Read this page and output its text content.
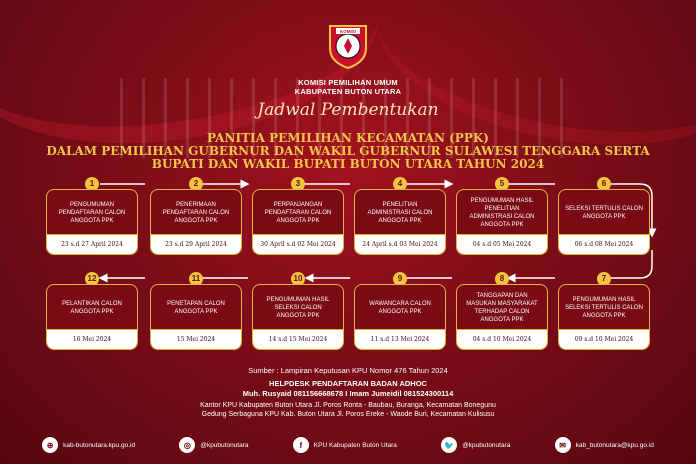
KOMISI
KOMISI PEMILIHAN UMUM
KABUPATEN BUTON UTARA
Jadwal Pembentukan
PANITIA PEMILIHAN KECAMATAN (PPK)
DALAM PEMILIHAN GUBERNUR DAN WAKIL GUBERNUR SULAWESI TENGGARA SERTA
BUPATI DAN WAKIL BUPATI BUTON UTARA TAHUN 2024
1
PENGUMUMAN PENDAFTARAN CALON ANGGOTA PPK
23 s.d 27 April 2024
2
PENERIMAAN PENDAFTARAN CALON ANGGOTA PPK
23 s.d 29 April 2024
3
PERPANJANGAN PENDAFTARAN CALON ANGGOTA PPK
30 April s.d 02 Mei 2024
4
PENELITIAN ADMINISTRASI CALON ANGGOTA PPK
24 April s.d 03 Mei 2024
5
PENGUMUMAN HASIL PENELITIAN ADMINISTRASI CALON ANGGOTA PPK
04 s.d 05 Mei 2024
6
SELEKSI TERTULIS CALON ANGGOTA PPK
06 s.d 08 Mei 2024
12
PELANTIKAN CALON ANGGOTA PPK
16 Mei 2024
11
PENETAPAN CALON ANGGOTA PPK
15 Mei 2024
10
PENGUMUMAN HASIL SELEKSI CALON ANGGOTA PPK
14 s.d 15 Mei 2024
9
WAWANCARA CALON ANGGOTA PPK
11 s.d 13 Mei 2024
8
TANGGAPAN DAN MASUKAN MASYARAKAT TERHADAP CALON ANGGOTA PPK
04 s.d 10 Mei 2024
7
PENGUMUMAN HASIL SELEKSI TERTULIS CALON ANGGOTA PPK
09 s.d 10 Mei 2024
Sumber : Lampiran Keputusan KPU Nomor 476 Tahun 2024
HELPDESK PENDAFTARAN BADAN ADHOC
Muh. Rusyaid 081156668678 I Imam Jumeidil 081524300114
Kantor KPU Kabupaten Buton Utara Jl. Poros Ronta - Baubau, Buranga, Kecamatan Bonegunu
Gedung Serbaguna KPU Kab. Buton Utara Jl. Poros Ereke - Waode Buri, Kecamatan Kulisusu
⊕	kab-butonutara.kpu.go.id	◎	@kpubutonutara	f	KPU Kabupaten Buton Utara	🐦	@kpubutonutara	✉	kab_butonutara@kpu.go.id
